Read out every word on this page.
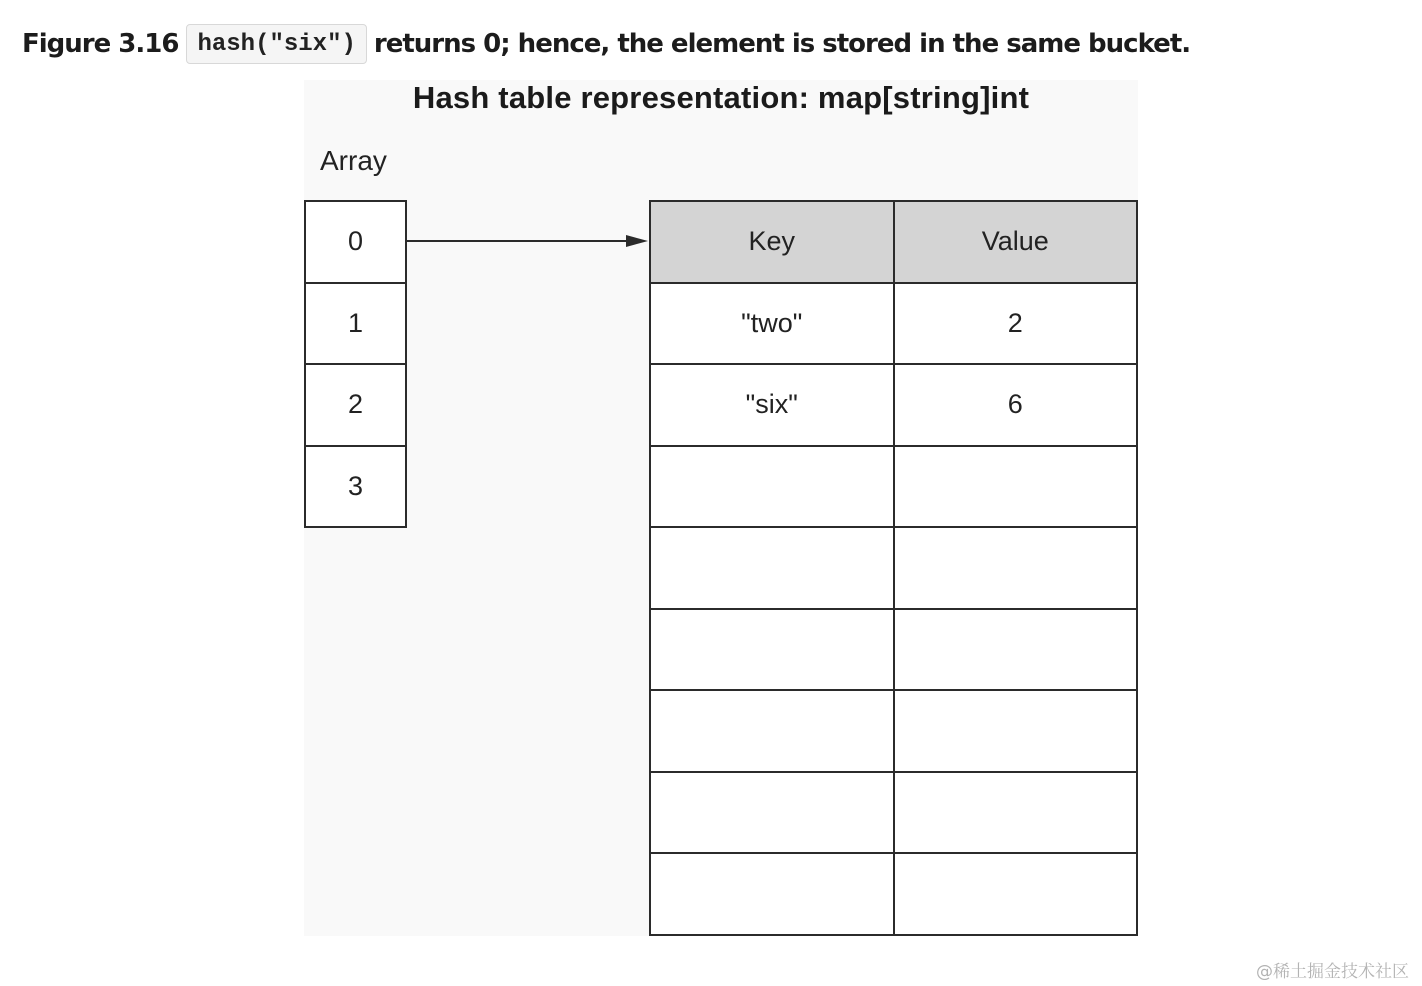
Figure 3.16 hash("six") returns 0; hence, the element is stored in the same bucket.
Hash table representation: map[string]int
Array
0
1
2
3
Key	Value
"two"	2
"six"	6
@稀土掘金技术社区
